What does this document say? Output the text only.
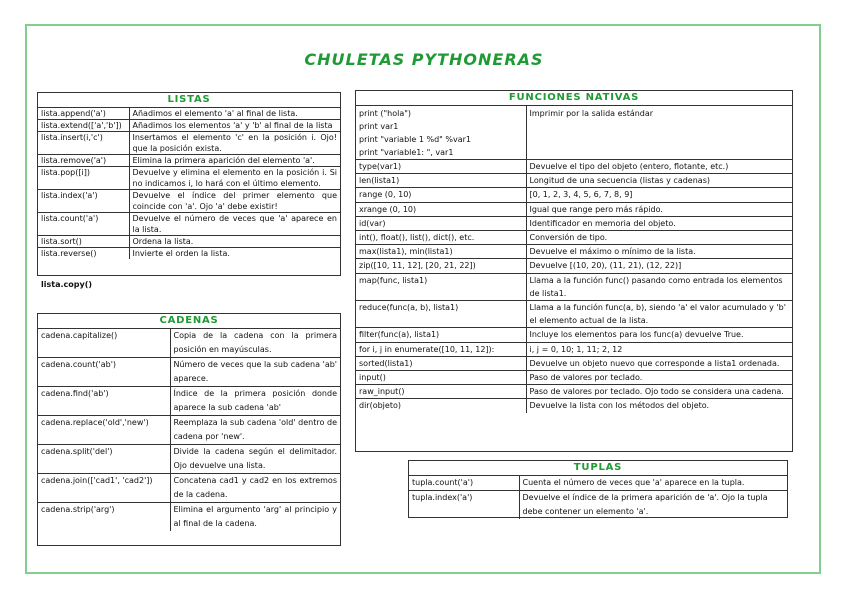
CHULETAS PYTHONERAS
LISTAS
lista.append('a')	Añadimos el elemento 'a' al final de lista.
lista.extend(['a','b'])	Añadimos los elementos 'a' y 'b' al final de la lista
lista.insert(i,'c')	Insertamos el elemento 'c' en la posición i. Ojo! que la posición exista.
lista.remove('a')	Elimina la primera aparición del elemento 'a'.
lista.pop([i])	Devuelve y elimina el elemento en la posición i. Si no indicamos i, lo hará con el último elemento.
lista.index('a')	Devuelve el índice del primer elemento que coincide con 'a'. Ojo 'a' debe existir!
lista.count('a')	Devuelve el número de veces que 'a' aparece en la lista.
lista.sort()	Ordena la lista.
lista.reverse()	Invierte el orden la lista.
lista.copy()
CADENAS
cadena.capitalize()	Copia de la cadena con la primera posición en mayúsculas.
cadena.count('ab')	Número de veces que la sub cadena 'ab' aparece.
cadena.find('ab')	Índice de la primera posición donde aparece la sub cadena 'ab'
cadena.replace('old','new')	Reemplaza la sub cadena 'old' dentro de cadena por 'new'.
cadena.split('del')	Divide la cadena según el delimitador. Ojo devuelve una lista.
cadena.join(['cad1', 'cad2'])	Concatena cad1 y cad2 en los extremos de la cadena.
cadena.strip('arg')	Elimina el argumento 'arg' al principio y al final de la cadena.
FUNCIONES NATIVAS
print ("hola")
print var1
print "variable 1 %d" %var1
print "variable1: ", var1	Imprimir por la salida estándar
type(var1)	Devuelve el tipo del objeto (entero, flotante, etc.)
len(lista1)	Longitud de una secuencia (listas y cadenas)
range (0, 10)	[0, 1, 2, 3, 4, 5, 6, 7, 8, 9]
xrange (0, 10)	Igual que range pero más rápido.
id(var)	Identificador en memoria del objeto.
int(), float(), list(), dict(), etc.	Conversión de tipo.
max(lista1), min(lista1)	Devuelve el máximo o mínimo de la lista.
zip([10, 11, 12], [20, 21, 22])	Devuelve [(10, 20), (11, 21), (12, 22)]
map(func, lista1)	Llama a la función func() pasando como entrada los elementos de lista1.
reduce(func(a, b), lista1)	Llama a la función func(a, b), siendo 'a' el valor acumulado y 'b' el elemento actual de la lista.
filter(func(a), lista1)	Incluye los elementos para los func(a) devuelve True.
for i, j in enumerate([10, 11, 12]):	i, j = 0, 10; 1, 11; 2, 12
sorted(lista1)	Devuelve un objeto nuevo que corresponde a lista1 ordenada.
input()	Paso de valores por teclado.
raw_input()	Paso de valores por teclado. Ojo todo se considera una cadena.
dir(objeto)	Devuelve la lista con los métodos del objeto.
TUPLAS
tupla.count('a')	Cuenta el número de veces que 'a' aparece en la tupla.
tupla.index('a')	Devuelve el índice de la primera aparición de 'a'. Ojo la tupla debe contener un elemento 'a'.
